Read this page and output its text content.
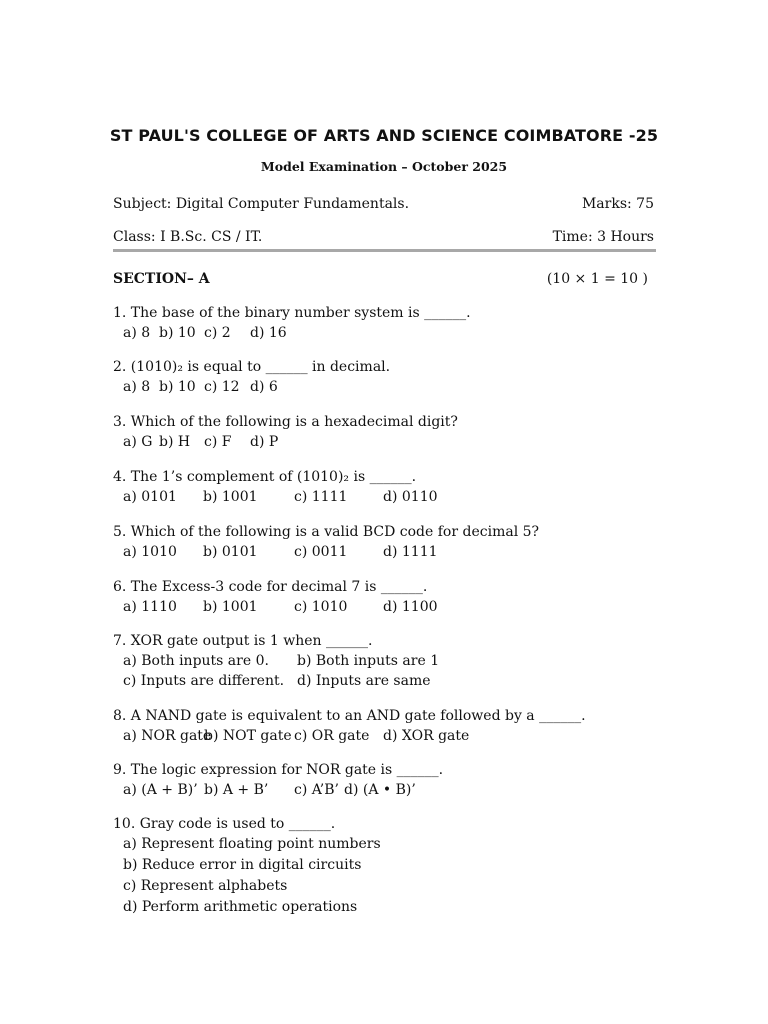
ST PAUL'S COLLEGE OF ARTS AND SCIENCE COIMBATORE -25
Model Examination – October 2025
Subject: Digital Computer Fundamentals.	Marks: 75
Class: I B.Sc. CS / IT.	Time: 3 Hours
SECTION– A	(10 × 1 = 10 )
1. The base of the binary number system is ______.
a) 8 b) 10 c) 2	d) 16
2. (1010)₂ is equal to ______ in decimal.
a) 8 b) 10 c) 12 d) 6
3. Which of the following is a hexadecimal digit?
a) G b) H c) F	d) P
4. The 1’s complement of (1010)₂ is ______.
a) 0101	b) 1001	c) 1111	d) 0110
5. Which of the following is a valid BCD code for decimal 5?
a) 1010	b) 0101	c) 0011	d) 1111
6. The Excess-3 code for decimal 7 is ______.
a) 1110	b) 1001	c) 1010	d) 1100
7. XOR gate output is 1 when ______.
a) Both inputs are 0.	b) Both inputs are 1
c) Inputs are different. d) Inputs are same
8. A NAND gate is equivalent to an AND gate followed by a ______.
a) NOR gate
b) NOT gate c) OR gate d) XOR gate
9. The logic expression for NOR gate is ______.
a) (A + B)’ b) A + B’	c) A’B’ d) (A • B)’
10. Gray code is used to ______.
a) Represent floating point numbers
b) Reduce error in digital circuits
c) Represent alphabets
d) Perform arithmetic operations
